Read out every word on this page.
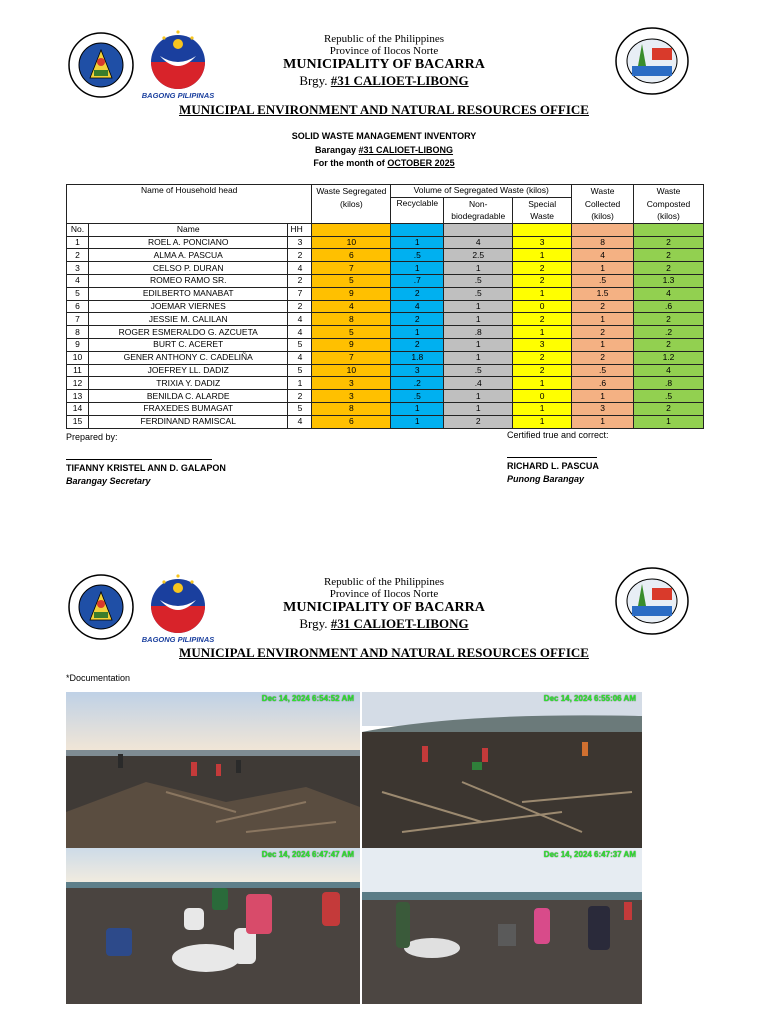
BAGONG PILIPINAS
Republic of the Philippines
Province of Ilocos Norte
MUNICIPALITY OF BACARRA
Brgy. #31 CALIOET-LIBONG
MUNICIPAL ENVIRONMENT AND NATURAL RESOURCES OFFICE
SOLID WASTE MANAGEMENT INVENTORY
Barangay #31 CALIOET-LIBONG
For the month of OCTOBER 2025
Name of Household head			Waste Segregated (kilos)	Volume of Segregated Waste (kilos)			Waste Collected (kilos)	Waste Composted (kilos)
				Recyclable	Non-biodegradable	Special Waste		

No.	Name	HH						
1	ROEL A. PONCIANO	3	10	1	4	3	8	2
2	ALMA A. PASCUA	2	6	.5	2.5	1	4	2
3	CELSO P. DURAN	4	7	1	1	2	1	2
4	ROMEO RAMO SR.	2	5	.7	.5	2	.5	1.3
5	EDILBERTO MANABAT	7	9	2	.5	1	1.5	4
6	JOEMAR VIERNES	2	4	4	1	0	2	.6
7	JESSIE M. CALILAN	4	8	2	1	2	1	2
8	ROGER ESMERALDO G. AZCUETA	4	5	1	.8	1	2	.2
9	BURT C. ACERET	5	9	2	1	3	1	2
10	GENER ANTHONY C. CADELIÑA	4	7	1.8	1	2	2	1.2
11	JOEFREY LL. DADIZ	5	10	3	.5	2	.5	4
12	TRIXIA Y. DADIZ	1	3	.2	.4	1	.6	.8
13	BENILDA C. ALARDE	2	3	.5	1	0	1	.5
14	FRAXEDES BUMAGAT	5	8	1	1	1	3	2
15	FERDINAND RAMISCAL	4	6	1	2	1	1	1
Prepared by:
TIFANNY KRISTEL ANN D. GALAPON
Barangay Secretary
Certified true and correct:
RICHARD L. PASCUA
Punong Barangay
BAGONG PILIPINAS
Republic of the Philippines
Province of Ilocos Norte
MUNICIPALITY OF BACARRA
Brgy. #31 CALIOET-LIBONG
MUNICIPAL ENVIRONMENT AND NATURAL RESOURCES OFFICE
*Documentation
Dec 14, 2024 6:54:52 AM	Dec 14, 2024 6:55:06 AM
Dec 14, 2024 6:47:47 AM	Dec 14, 2024 6:47:37 AM
